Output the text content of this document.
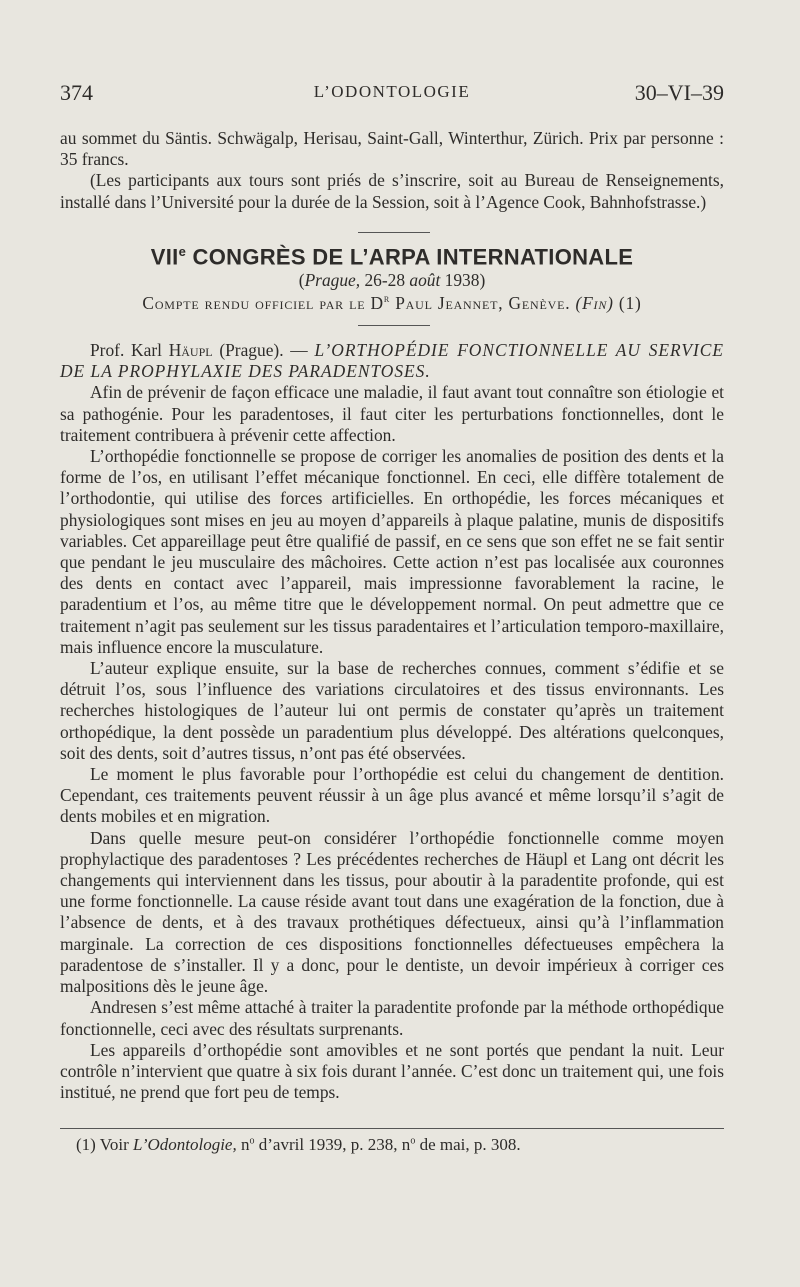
374	L’ODONTOLOGIE	30–VI–39

au sommet du Säntis. Schwägalp, Herisau, Saint-Gall, Winterthur, Zürich. Prix par personne : 35 francs.

(Les participants aux tours sont priés de s’inscrire, soit au Bureau de Renseignements, installé dans l’Université pour la durée de la Session, soit à l’Agence Cook, Bahnhofstrasse.)

VIIe CONGRÈS DE L’ARPA INTERNATIONALE
(Prague, 26-28 août 1938)
Compte rendu officiel par le $D^r$ Paul Jeannet, Genève. (Fin) (1)

Prof. Karl Häupl (Prague). — L’ORTHOPÉDIE FONCTIONNELLE AU SERVICE DE LA PROPHYLAXIE DES PARADENTOSES.

Afin de prévenir de façon efficace une maladie, il faut avant tout connaître son étiologie et sa pathogénie. Pour les paradentoses, il faut citer les perturbations fonctionnelles, dont le traitement contribuera à prévenir cette affection.

L’orthopédie fonctionnelle se propose de corriger les anomalies de position des dents et la forme de l’os, en utilisant l’effet mécanique fonctionnel. En ceci, elle diffère totalement de l’orthodontie, qui utilise des forces artificielles. En orthopédie, les forces mécaniques et physiologiques sont mises en jeu au moyen d’appareils à plaque palatine, munis de dispositifs variables. Cet appareillage peut être qualifié de passif, en ce sens que son effet ne se fait sentir que pendant le jeu musculaire des mâchoires. Cette action n’est pas localisée aux couronnes des dents en contact avec l’appareil, mais impressionne favorablement la racine, le paradentium et l’os, au même titre que le développement normal. On peut admettre que ce traitement n’agit pas seulement sur les tissus paradentaires et l’articulation temporo-maxillaire, mais influence encore la musculature.

L’auteur explique ensuite, sur la base de recherches connues, comment s’édifie et se détruit l’os, sous l’influence des variations circulatoires et des tissus environnants. Les recherches histologiques de l’auteur lui ont permis de constater qu’après un traitement orthopédique, la dent possède un paradentium plus développé. Des altérations quelconques, soit des dents, soit d’autres tissus, n’ont pas été observées.

Le moment le plus favorable pour l’orthopédie est celui du changement de dentition. Cependant, ces traitements peuvent réussir à un âge plus avancé et même lorsqu’il s’agit de dents mobiles et en migration.

Dans quelle mesure peut-on considérer l’orthopédie fonctionnelle comme moyen prophylactique des paradentoses ? Les précédentes recherches de Häupl et Lang ont décrit les changements qui interviennent dans les tissus, pour aboutir à la paradentite profonde, qui est une forme fonctionnelle. La cause réside avant tout dans une exagération de la fonction, due à l’absence de dents, et à des travaux prothétiques défectueux, ainsi qu’à l’inflammation marginale. La correction de ces dispositions fonctionnelles défectueuses empêchera la paradentose de s’installer. Il y a donc, pour le dentiste, un devoir impérieux à corriger ces malpositions dès le jeune âge.

Andresen s’est même attaché à traiter la paradentite profonde par la méthode orthopédique fonctionnelle, ceci avec des résultats surprenants.

Les appareils d’orthopédie sont amovibles et ne sont portés que pendant la nuit. Leur contrôle n’intervient que quatre à six fois durant l’année. C’est donc un traitement qui, une fois institué, ne prend que fort peu de temps.

(1) Voir L’Odontologie, $n^o$ d’avril 1939, p. 238, $n^o$ de mai, p. 308.
